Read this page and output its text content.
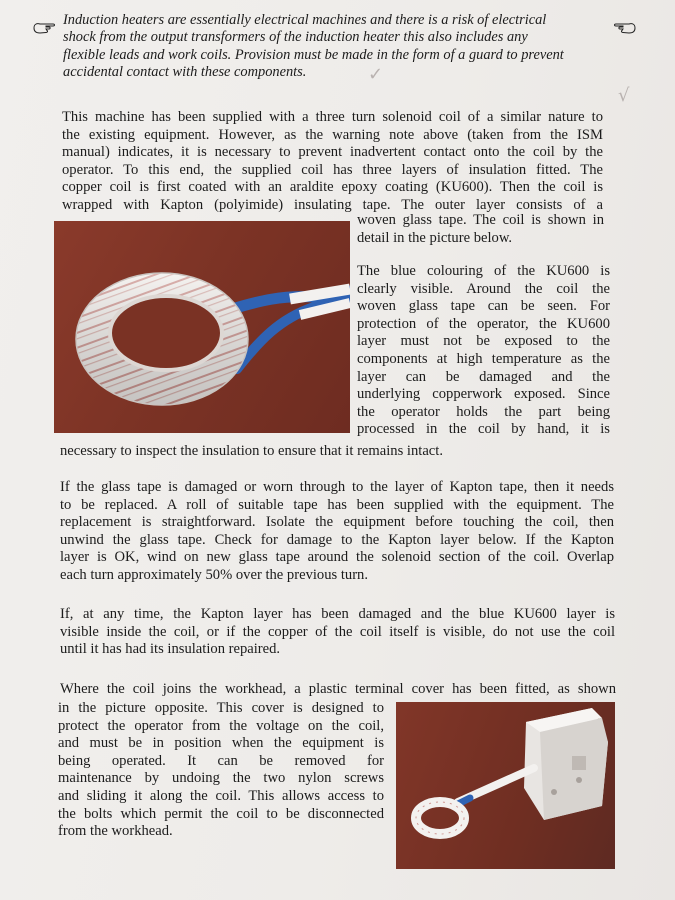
Induction heaters are essentially electrical machines and there is a risk of electrical
shock from the output transformers of the induction heater this also includes any
flexible leads and work coils. Provision must be made in the form of a guard to prevent
accidental contact with these components.	✓
√

This machine has been supplied with a three turn solenoid coil of a similar nature to
the existing equipment. However, as the warning note above (taken from the ISM
manual) indicates, it is necessary to prevent inadvertent contact onto the coil by the
operator. To this end, the supplied coil has three layers of insulation fitted. The
copper coil is first coated with an araldite epoxy coating (KU600). Then the coil is
wrapped with Kapton (polyimide) insulating tape. The outer layer consists of a

woven glass tape. The coil is shown in
detail in the picture below.

The blue colouring of the KU600 is
clearly visible. Around the coil the
woven glass tape can be seen. For
protection of the operator, the KU600
layer must not be exposed to the
components at high temperature as the
layer can be damaged and the
underlying copperwork exposed. Since
the operator holds the part being
processed in the coil by hand, it is

necessary to inspect the insulation to ensure that it remains intact.

If the glass tape is damaged or worn through to the layer of Kapton tape, then it needs
to be replaced. A roll of suitable tape has been supplied with the equipment. The
replacement is straightforward. Isolate the equipment before touching the coil, then
unwind the glass tape. Check for damage to the Kapton layer below. If the Kapton
layer is OK, wind on new glass tape around the solenoid section of the coil. Overlap
each turn approximately 50% over the previous turn.

If, at any time, the Kapton layer has been damaged and the blue KU600 layer is
visible inside the coil, or if the copper of the coil itself is visible, do not use the coil
until it has had its insulation repaired.

Where the coil joins the workhead, a plastic terminal cover has been fitted, as shown

in the picture opposite. This cover is designed to
protect the operator from the voltage on the coil,
and must be in position when the equipment is
being operated. It can be removed for
maintenance by undoing the two nylon screws
and sliding it along the coil. This allows access to
the bolts which permit the coil to be disconnected
from the workhead.
